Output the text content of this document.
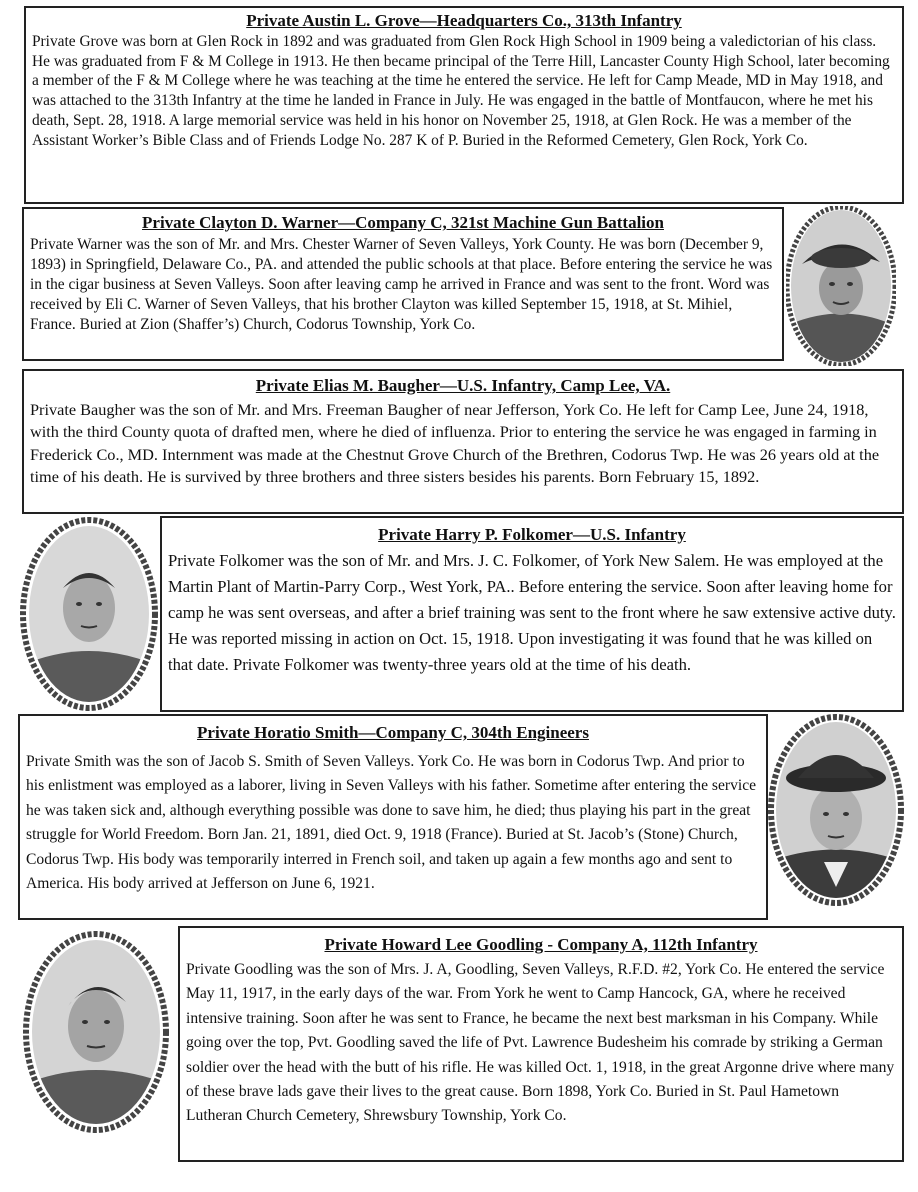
Private Austin L. Grove—Headquarters Co., 313th Infantry

Private Grove was born at Glen Rock in 1892 and was graduated from Glen Rock High School in 1909 being a valedictorian of his class. He was graduated from F & M College in 1913. He then became principal of the Terre Hill, Lancaster County High School, later becoming a member of the F & M College where he was teaching at the time he entered the service. He left for Camp Meade, MD in May 1918, and was attached to the 313th Infantry at the time he landed in France in July. He was engaged in the battle of Montfaucon, where he met his death, Sept. 28, 1918. A large memorial service was held in his honor on November 25, 1918, at Glen Rock. He was a member of the Assistant Worker’s Bible Class and of Friends Lodge No. 287 K of P. Buried in the Reformed Cemetery, Glen Rock, York Co.

Private Clayton D. Warner—Company C, 321st Machine Gun Battalion

Private Warner was the son of Mr. and Mrs. Chester Warner of Seven Valleys, York County. He was born (December 9, 1893) in Springfield, Delaware Co., PA. and attended the public schools at that place. Before entering the service he was in the cigar business at Seven Valleys. Soon after leaving camp he arrived in France and was sent to the front. Word was received by Eli C. Warner of Seven Valleys, that his brother Clayton was killed September 15, 1918, at St. Mihiel, France. Buried at Zion (Shaffer’s) Church, Codorus Township, York Co.

Private Elias M. Baugher—U.S. Infantry, Camp Lee, VA.

Private Baugher was the son of Mr. and Mrs. Freeman Baugher of near Jefferson, York Co. He left for Camp Lee, June 24, 1918, with the third County quota of drafted men, where he died of influenza. Prior to entering the service he was engaged in farming in Frederick Co., MD. Internment was made at the Chestnut Grove Church of the Brethren, Codorus Twp. He was 26 years old at the time of his death. He is survived by three brothers and three sisters besides his parents. Born February 15, 1892.

Private Harry P. Folkomer—U.S. Infantry

Private Folkomer was the son of Mr. and Mrs. J. C. Folkomer, of York New Salem. He was employed at the Martin Plant of Martin-Parry Corp., West York, PA.. Before entering the service. Soon after leaving home for camp he was sent overseas, and after a brief training was sent to the front where he saw extensive active duty. He was reported missing in action on Oct. 15, 1918. Upon investigating it was found that he was killed on that date. Private Folkomer was twenty-three years old at the time of his death.

Private Horatio Smith—Company C, 304th Engineers

Private Smith was the son of Jacob S. Smith of Seven Valleys. York Co. He was born in Codorus Twp. And prior to his enlistment was employed as a laborer, living in Seven Valleys with his father. Sometime after entering the service he was taken sick and, although everything possible was done to save him, he died; thus playing his part in the great struggle for World Freedom. Born Jan. 21, 1891, died Oct. 9, 1918 (France). Buried at St. Jacob’s (Stone) Church, Codorus Twp. His body was temporarily interred in French soil, and taken up again a few months ago and sent to America. His body arrived at Jefferson on June 6, 1921.

Private Howard Lee Goodling - Company A, 112th Infantry

Private Goodling was the son of Mrs. J. A, Goodling, Seven Valleys, R.F.D. #2, York Co. He entered the service May 11, 1917, in the early days of the war. From York he went to Camp Hancock, GA, where he received intensive training. Soon after he was sent to France, he became the next best marksman in his Company. While going over the top, Pvt. Goodling saved the life of Pvt. Lawrence Budesheim his comrade by striking a German soldier over the head with the butt of his rifle. He was killed Oct. 1, 1918, in the great Argonne drive where many of these brave lads gave their lives to the great cause. Born 1898, York Co. Buried in St. Paul Hametown Lutheran Church Cemetery, Shrewsbury Township, York Co.
